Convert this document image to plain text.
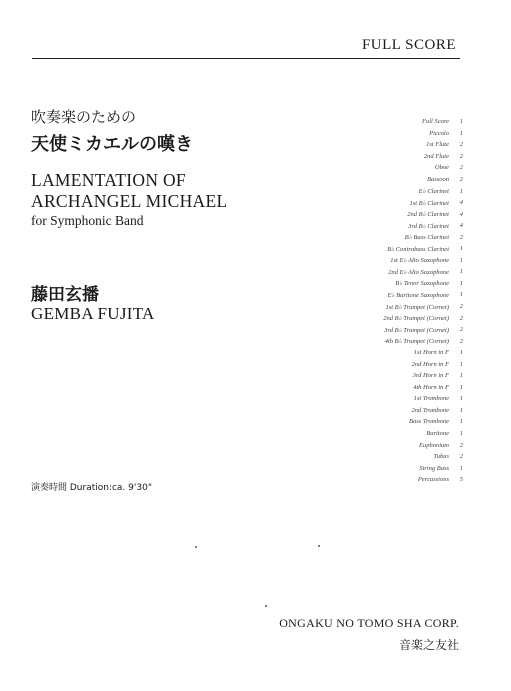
FULL SCORE
吹奏楽のための
天使ミカエルの嘆き
LAMENTATION OF
ARCHANGEL MICHAEL
for Symphonic Band
藤田玄播
GEMBA FUJITA
演奏時間 Duration:ca. 9'30"
Full Score	1
Piccolo	1
1st Flute	2
2nd Flute	2
Oboe	2
Bassoon	2
E♭ Clarinet	1
1st B♭ Clarinet	4
2nd B♭ Clarinet	4
3rd B♭ Clarinet	4
B♭ Bass Clarinet	2
B♭ Contrabass Clarinet	1
1st E♭ Alto Saxophone	1
2nd E♭ Alto Saxophone	1
B♭ Tenor Saxophone	1
E♭ Baritone Saxophone	1
1st B♭ Trumpet (Cornet)	2
2nd B♭ Trumpet (Cornet)	2
3rd B♭ Trumpet (Cornet)	2
4th B♭ Trumpet (Cornet)	2
1st Horn in F	1
2nd Horn in F	1
3rd Horn in F	1
4th Horn in F	1
1st Trombone	1
2nd Trombone	1
Bass Trombone	1
Baritone	1
Euphonium	2
Tubas	2
String Bass	1
Percussions	5
ONGAKU NO TOMO SHA CORP.
音楽之友社
